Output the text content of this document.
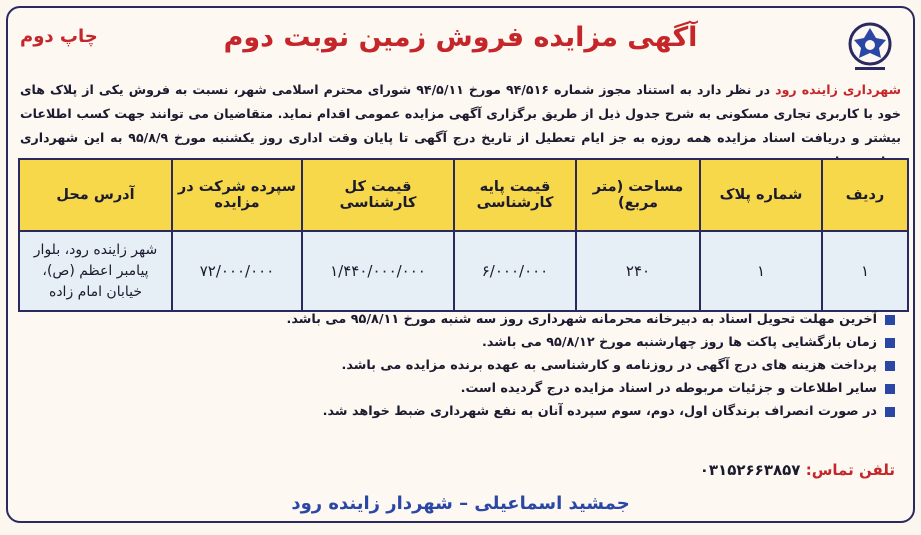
چاپ دوم	آگهی مزایده فروش زمین نوبت دوم
شهرداری زاینده رود در نظر دارد به استناد مجوز شماره ۹۴/۵۱۶ مورخ ۹۴/۵/۱۱ شورای محترم اسلامی شهر، نسبت به فروش یکی از پلاک های خود با کاربری تجاری مسکونی به شرح جدول ذیل از طریق برگزاری آگهی مزایده عمومی اقدام نماید. متقاضیان می توانند جهت کسب اطلاعات بیشتر و دریافت اسناد مزایده همه روزه به جز ایام تعطیل از تاریخ درج آگهی تا پایان وقت اداری روز یکشنبه مورخ ۹۵/۸/۹ به این شهرداری
ردیف	شماره پلاک	مساحت (متر مربع)	قیمت پایه کارشناسی	قیمت کل کارشناسی	سپرده شرکت در مزایده	آدرس محل
۱	۱	۲۴۰	۶/۰۰۰/۰۰۰	۱/۴۴۰/۰۰۰/۰۰۰	۷۲/۰۰۰/۰۰۰	شهر زاینده رود، بلوار پیامبر اعظم (ص)، خیابان امام زاده
آخرین مهلت تحویل اسناد به دبیرخانه محرمانه شهرداری روز سه شنبه مورخ ۹۵/۸/۱۱ می باشد.
زمان بازگشایی پاکت ها روز چهارشنبه مورخ ۹۵/۸/۱۲ می باشد.
پرداخت هزینه های درج آگهی در روزنامه و کارشناسی به عهده برنده مزایده می باشد.
سایر اطلاعات و جزئیات مربوطه در اسناد مزایده درج گردیده است.
در صورت انصراف برندگان اول، دوم، سوم سپرده آنان به نفع شهرداری ضبط خواهد شد.
تلفن تماس: ۰۳۱۵۲۶۶۳۸۵۷
جمشید اسماعیلی – شهردار زاینده رود
